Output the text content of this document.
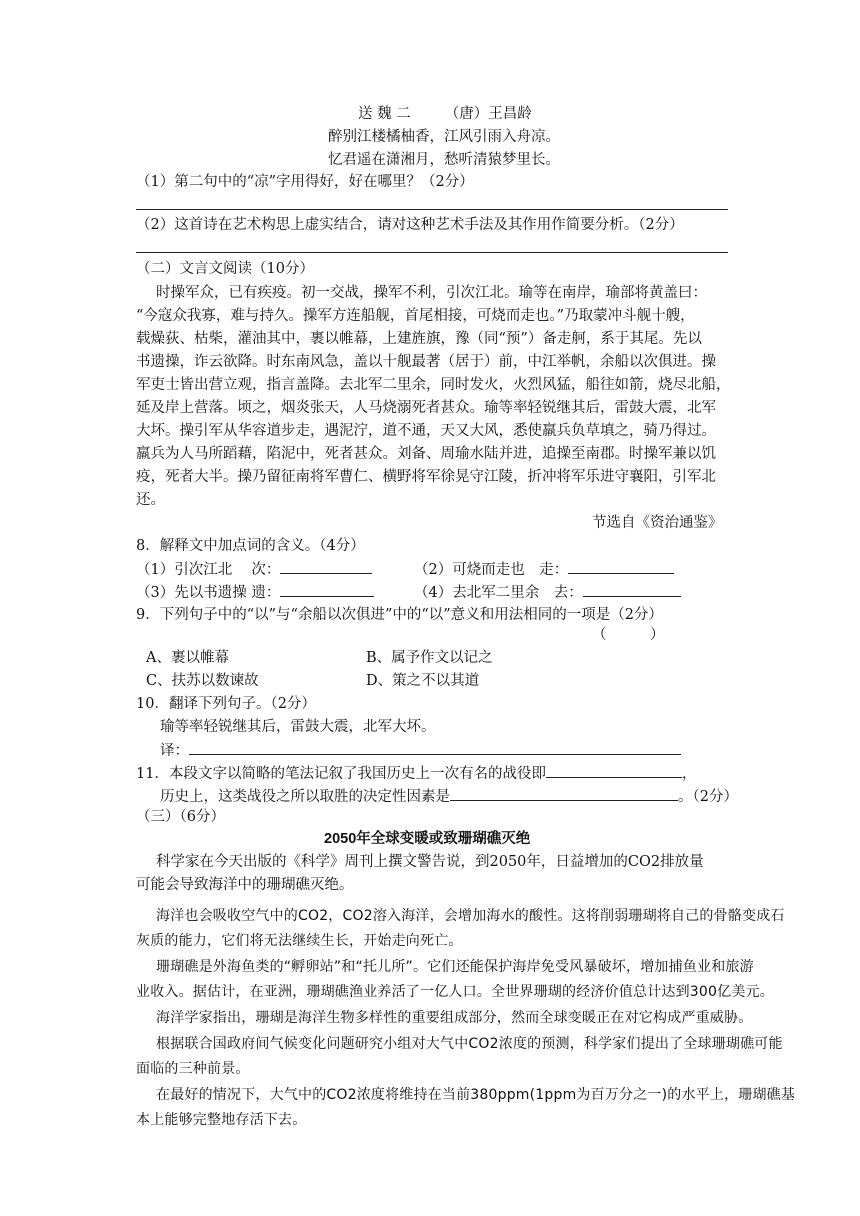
送 魏 二 （唐）王昌龄
醉别江楼橘柚香，江风引雨入舟凉。
忆君遥在潇湘月，愁听清猿梦里长。
（1）第二句中的“凉”字用得好，好在哪里？（2分）
（2）这首诗在艺术构思上虚实结合，请对这种艺术手法及其作用作简要分析。（2分）
（二）文言文阅读（10分）
时操军众，已有疾疫。初一交战，操军不利，引次江北。瑜等在南岸，瑜部将黄盖曰：
“今寇众我寡，难与持久。操军方连船舰，首尾相接，可烧而走也。”乃取蒙冲斗舰十艘，
载燥荻、枯柴，灌油其中，裹以帷幕，上建旌旗，豫（同“预”）备走舸，系于其尾。先以
书遗操，诈云欲降。时东南风急，盖以十舰最著（居于）前，中江举帆，余船以次俱进。操
军吏士皆出营立观，指言盖降。去北军二里余，同时发火，火烈风猛，船往如箭，烧尽北船，
延及岸上营落。顷之，烟炎张天，人马烧溺死者甚众。瑜等率轻锐继其后，雷鼓大震，北军
大坏。操引军从华容道步走，遇泥泞，道不通，天又大风，悉使羸兵负草填之，骑乃得过。
羸兵为人马所蹈藉，陷泥中，死者甚众。刘备、周瑜水陆并进，追操至南郡。时操军兼以饥
疫，死者大半。操乃留征南将军曹仁、横野将军徐晃守江陵，折冲将军乐进守襄阳，引军北
还。
节选自《资治通鉴》
8．解释文中加点词的含义。（4分）
（1）引次江北　 次：	（2）可烧而走也　走：
（3）先以书遗操 遗：	（4）去北军二里余　去：
9．下列句子中的“以”与“余船以次俱进”中的“以”意义和用法相同的一项是（2分）
（　　　）
A、裹以帷幕	B、属予作文以记之
C、扶苏以数谏故	D、策之不以其道
10．翻译下列句子。（2分）
瑜等率轻锐继其后，雷鼓大震，北军大坏。
译：
11．本段文字以简略的笔法记叙了我国历史上一次有名的战役即	，
历史上，这类战役之所以取胜的决定性因素是	。（2分）
（三）（6分）
2050年全球变暖或致珊瑚礁灭绝
科学家在今天出版的《科学》周刊上撰文警告说，到2050年，日益增加的CO2排放量
可能会导致海洋中的珊瑚礁灭绝。
海洋也会吸收空气中的CO2，CO2溶入海洋，会增加海水的酸性。这将削弱珊瑚将自己的骨骼变成石
灰质的能力，它们将无法继续生长，开始走向死亡。
珊瑚礁是外海鱼类的“孵卵站”和“托儿所”。它们还能保护海岸免受风暴破坏，增加捕鱼业和旅游
业收入。据估计，在亚洲，珊瑚礁渔业养活了一亿人口。全世界珊瑚的经济价值总计达到300亿美元。
海洋学家指出，珊瑚是海洋生物多样性的重要组成部分，然而全球变暖正在对它构成严重威胁。
根据联合国政府间气候变化问题研究小组对大气中CO2浓度的预测，科学家们提出了全球珊瑚礁可能
面临的三种前景。
在最好的情况下，大气中的CO2浓度将维持在当前380ppm(1ppm为百万分之一)的水平上，珊瑚礁基
本上能够完整地存活下去。
